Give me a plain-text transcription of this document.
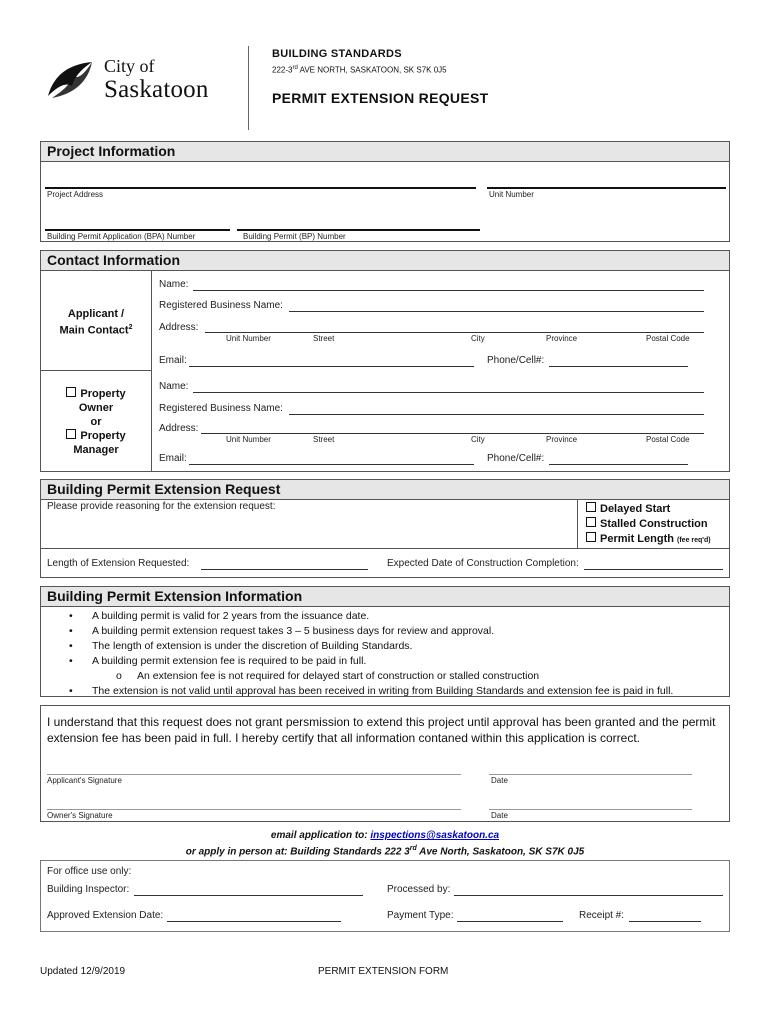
City of
Saskatoon
BUILDING STANDARDS
222-3rd AVE NORTH, SASKATOON, SK S7K 0J5
PERMIT EXTENSION REQUEST
Project Information
Project Address	Unit Number
Building Permit Application (BPA) Number	Building Permit (BP) Number
Contact Information
Applicant /
Main Contact$^2$
Property
Owner
or
Property
Manager
Name:
Registered Business Name:
Address:
Unit Number	Street	City	Province	Postal Code
Email:	Phone/Cell#:
Name:
Registered Business Name:
Address:
Unit Number	Street	City	Province	Postal Code
Email:	Phone/Cell#:
Building Permit Extension Request
Please provide reasoning for the extension request:	Delayed Start
Stalled Construction
Permit Length (fee req'd)
Length of Extension Requested:	Expected Date of Construction Completion:
Building Permit Extension Information
• A building permit is valid for 2 years from the issuance date.
• A building permit extension request takes 3 – 5 business days for review and approval.
• The length of extension is under the discretion of Building Standards.
• A building permit extension fee is required to be paid in full.
o An extension fee is not required for delayed start of construction or stalled construction
• The extension is not valid until approval has been received in writing from Building Standards and extension fee is paid in full.
I understand that this request does not grant persmission to extend this project until approval has been granted and the permit extension fee has been paid in full. I hereby certify that all information contaned within this application is correct.
Applicant's Signature	Date
Owner's Signature	Date
email application to: inspections@saskatoon.ca
or apply in person at: Building Standards 222 3rd Ave North, Saskatoon, SK S7K 0J5
For office use only:
Building Inspector:	Processed by:
Approved Extension Date:	Payment Type:	Receipt #:
Updated 12/9/2019	PERMIT EXTENSION FORM
